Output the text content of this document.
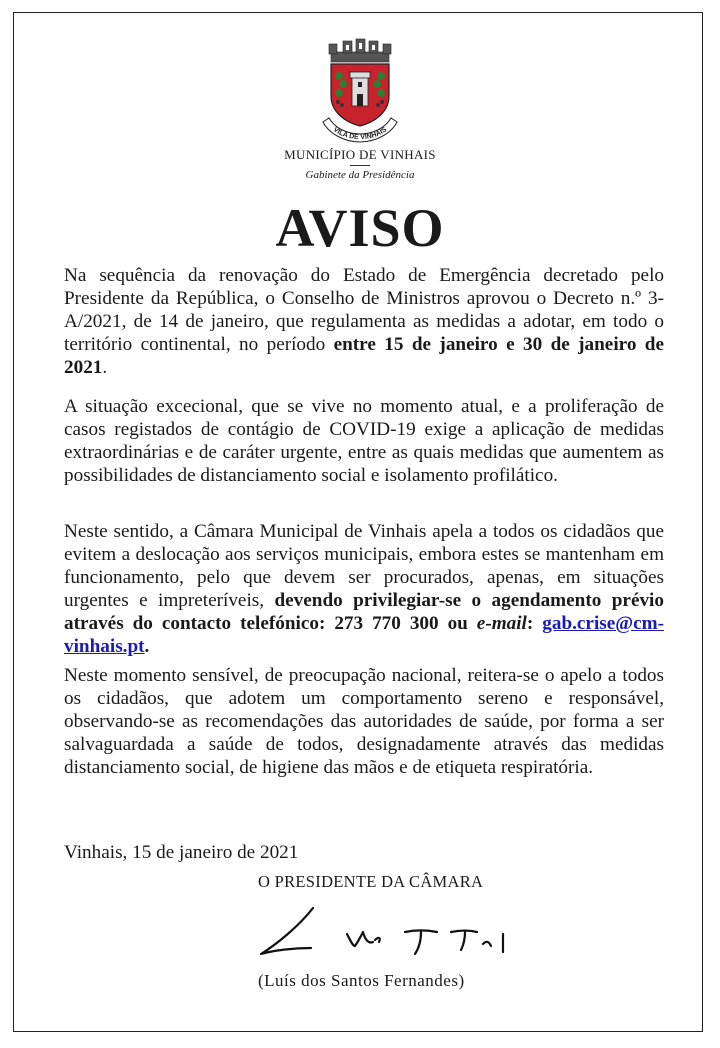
VILA DE VINHAIS
MUNICÍPIO DE VINHAIS
Gabinete da Presidência
AVISO
Na sequência da renovação do Estado de Emergência decretado pelo Presidente da República, o Conselho de Ministros aprovou o Decreto n.º 3-A/2021, de 14 de janeiro, que regulamenta as medidas a adotar, em todo o território continental, no período entre 15 de janeiro e 30 de janeiro de 2021.
A situação excecional, que se vive no momento atual, e a proliferação de casos registados de contágio de COVID-19 exige a aplicação de medidas extraordinárias e de caráter urgente, entre as quais medidas que aumentem as possibilidades de distanciamento social e isolamento profilático.
Neste sentido, a Câmara Municipal de Vinhais apela a todos os cidadãos que evitem a deslocação aos serviços municipais, embora estes se mantenham em funcionamento, pelo que devem ser procurados, apenas, em situações urgentes e impreteríveis, devendo privilegiar-se o agendamento prévio através do contacto telefónico: 273 770 300 ou e-mail: gab.crise@cm-vinhais.pt.
Neste momento sensível, de preocupação nacional, reitera-se o apelo a todos os cidadãos, que adotem um comportamento sereno e responsável, observando-se as recomendações das autoridades de saúde, por forma a ser salvaguardada a saúde de todos, designadamente através das medidas distanciamento social, de higiene das mãos e de etiqueta respiratória.
Vinhais, 15 de janeiro de 2021
O PRESIDENTE DA CÂMARA
(Luís dos Santos Fernandes)
